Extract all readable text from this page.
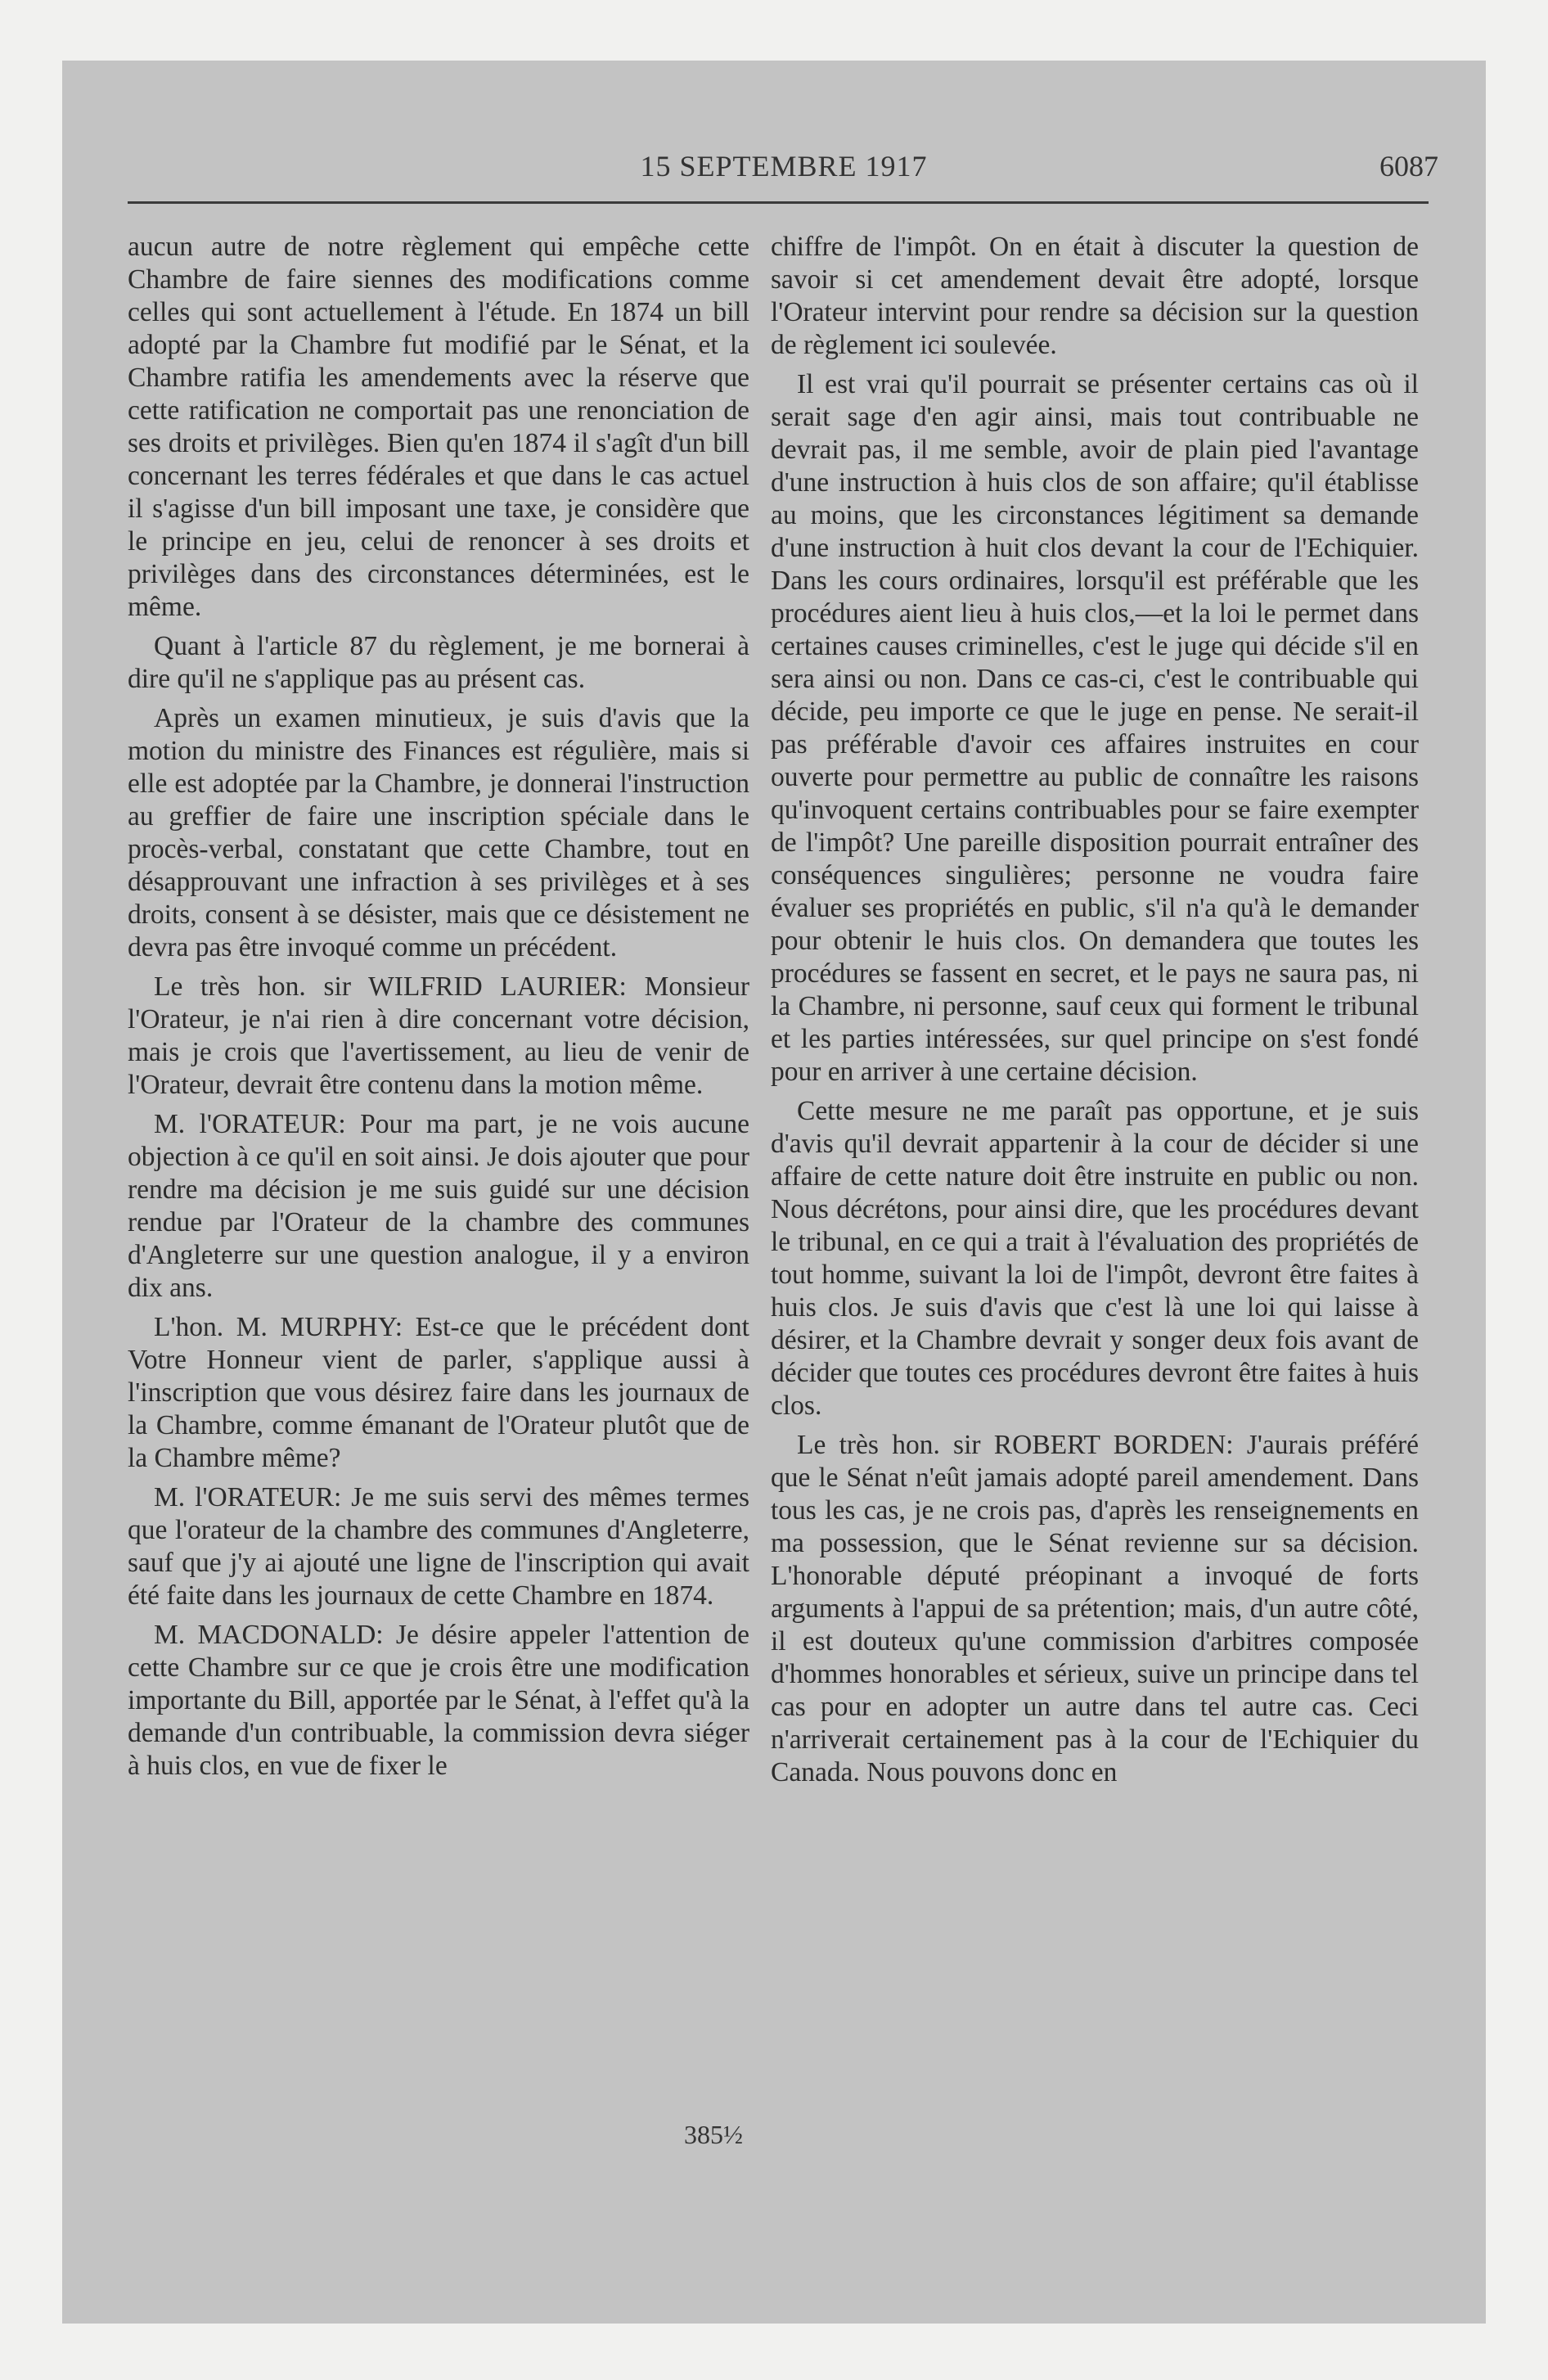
15 SEPTEMBRE 1917	6087

aucun autre de notre règlement qui empêche cette Chambre de faire siennes des modifications comme celles qui sont actuellement à l'étude. En 1874 un bill adopté par la Chambre fut modifié par le Sénat, et la Chambre ratifia les amendements avec la réserve que cette ratification ne comportait pas une renonciation de ses droits et privilèges. Bien qu'en 1874 il s'agît d'un bill concernant les terres fédérales et que dans le cas actuel il s'agisse d'un bill imposant une taxe, je considère que le principe en jeu, celui de renoncer à ses droits et privilèges dans des circonstances déterminées, est le même.

Quant à l'article 87 du règlement, je me bornerai à dire qu'il ne s'applique pas au présent cas.

Après un examen minutieux, je suis d'avis que la motion du ministre des Finances est régulière, mais si elle est adoptée par la Chambre, je donnerai l'instruction au greffier de faire une inscription spéciale dans le procès-verbal, constatant que cette Chambre, tout en désapprouvant une infraction à ses privilèges et à ses droits, consent à se désister, mais que ce désistement ne devra pas être invoqué comme un précédent.

Le très hon. sir WILFRID LAURIER: Monsieur l'Orateur, je n'ai rien à dire concernant votre décision, mais je crois que l'avertissement, au lieu de venir de l'Orateur, devrait être contenu dans la motion même.

M. l'ORATEUR: Pour ma part, je ne vois aucune objection à ce qu'il en soit ainsi. Je dois ajouter que pour rendre ma décision je me suis guidé sur une décision rendue par l'Orateur de la chambre des communes d'Angleterre sur une question analogue, il y a environ dix ans.

L'hon. M. MURPHY: Est-ce que le précédent dont Votre Honneur vient de parler, s'applique aussi à l'inscription que vous désirez faire dans les journaux de la Chambre, comme émanant de l'Orateur plutôt que de la Chambre même?

M. l'ORATEUR: Je me suis servi des mêmes termes que l'orateur de la chambre des communes d'Angleterre, sauf que j'y ai ajouté une ligne de l'inscription qui avait été faite dans les journaux de cette Chambre en 1874.

M. MACDONALD: Je désire appeler l'attention de cette Chambre sur ce que je crois être une modification importante du Bill, apportée par le Sénat, à l'effet qu'à la demande d'un contribuable, la commission devra siéger à huis clos, en vue de fixer le

chiffre de l'impôt. On en était à discuter la question de savoir si cet amendement devait être adopté, lorsque l'Orateur intervint pour rendre sa décision sur la question de règlement ici soulevée.

Il est vrai qu'il pourrait se présenter certains cas où il serait sage d'en agir ainsi, mais tout contribuable ne devrait pas, il me semble, avoir de plain pied l'avantage d'une instruction à huis clos de son affaire; qu'il établisse au moins, que les circonstances légitiment sa demande d'une instruction à huit clos devant la cour de l'Echiquier. Dans les cours ordinaires, lorsqu'il est préférable que les procédures aient lieu à huis clos,—et la loi le permet dans certaines causes criminelles, c'est le juge qui décide s'il en sera ainsi ou non. Dans ce cas-ci, c'est le contribuable qui décide, peu importe ce que le juge en pense. Ne serait-il pas préférable d'avoir ces affaires instruites en cour ouverte pour permettre au public de connaître les raisons qu'invoquent certains contribuables pour se faire exempter de l'impôt? Une pareille disposition pourrait entraîner des conséquences singulières; personne ne voudra faire évaluer ses propriétés en public, s'il n'a qu'à le demander pour obtenir le huis clos. On demandera que toutes les procédures se fassent en secret, et le pays ne saura pas, ni la Chambre, ni personne, sauf ceux qui forment le tribunal et les parties intéressées, sur quel principe on s'est fondé pour en arriver à une certaine décision.

Cette mesure ne me paraît pas opportune, et je suis d'avis qu'il devrait appartenir à la cour de décider si une affaire de cette nature doit être instruite en public ou non. Nous décrétons, pour ainsi dire, que les procédures devant le tribunal, en ce qui a trait à l'évaluation des propriétés de tout homme, suivant la loi de l'impôt, devront être faites à huis clos. Je suis d'avis que c'est là une loi qui laisse à désirer, et la Chambre devrait y songer deux fois avant de décider que toutes ces procédures devront être faites à huis clos.

Le très hon. sir ROBERT BORDEN: J'aurais préféré que le Sénat n'eût jamais adopté pareil amendement. Dans tous les cas, je ne crois pas, d'après les renseignements en ma possession, que le Sénat revienne sur sa décision. L'honorable député préopinant a invoqué de forts arguments à l'appui de sa prétention; mais, d'un autre côté, il est douteux qu'une commission d'arbitres composée d'hommes honorables et sérieux, suive un principe dans tel cas pour en adopter un autre dans tel autre cas. Ceci n'arriverait certainement pas à la cour de l'Echiquier du Canada. Nous pouvons donc en

385½
